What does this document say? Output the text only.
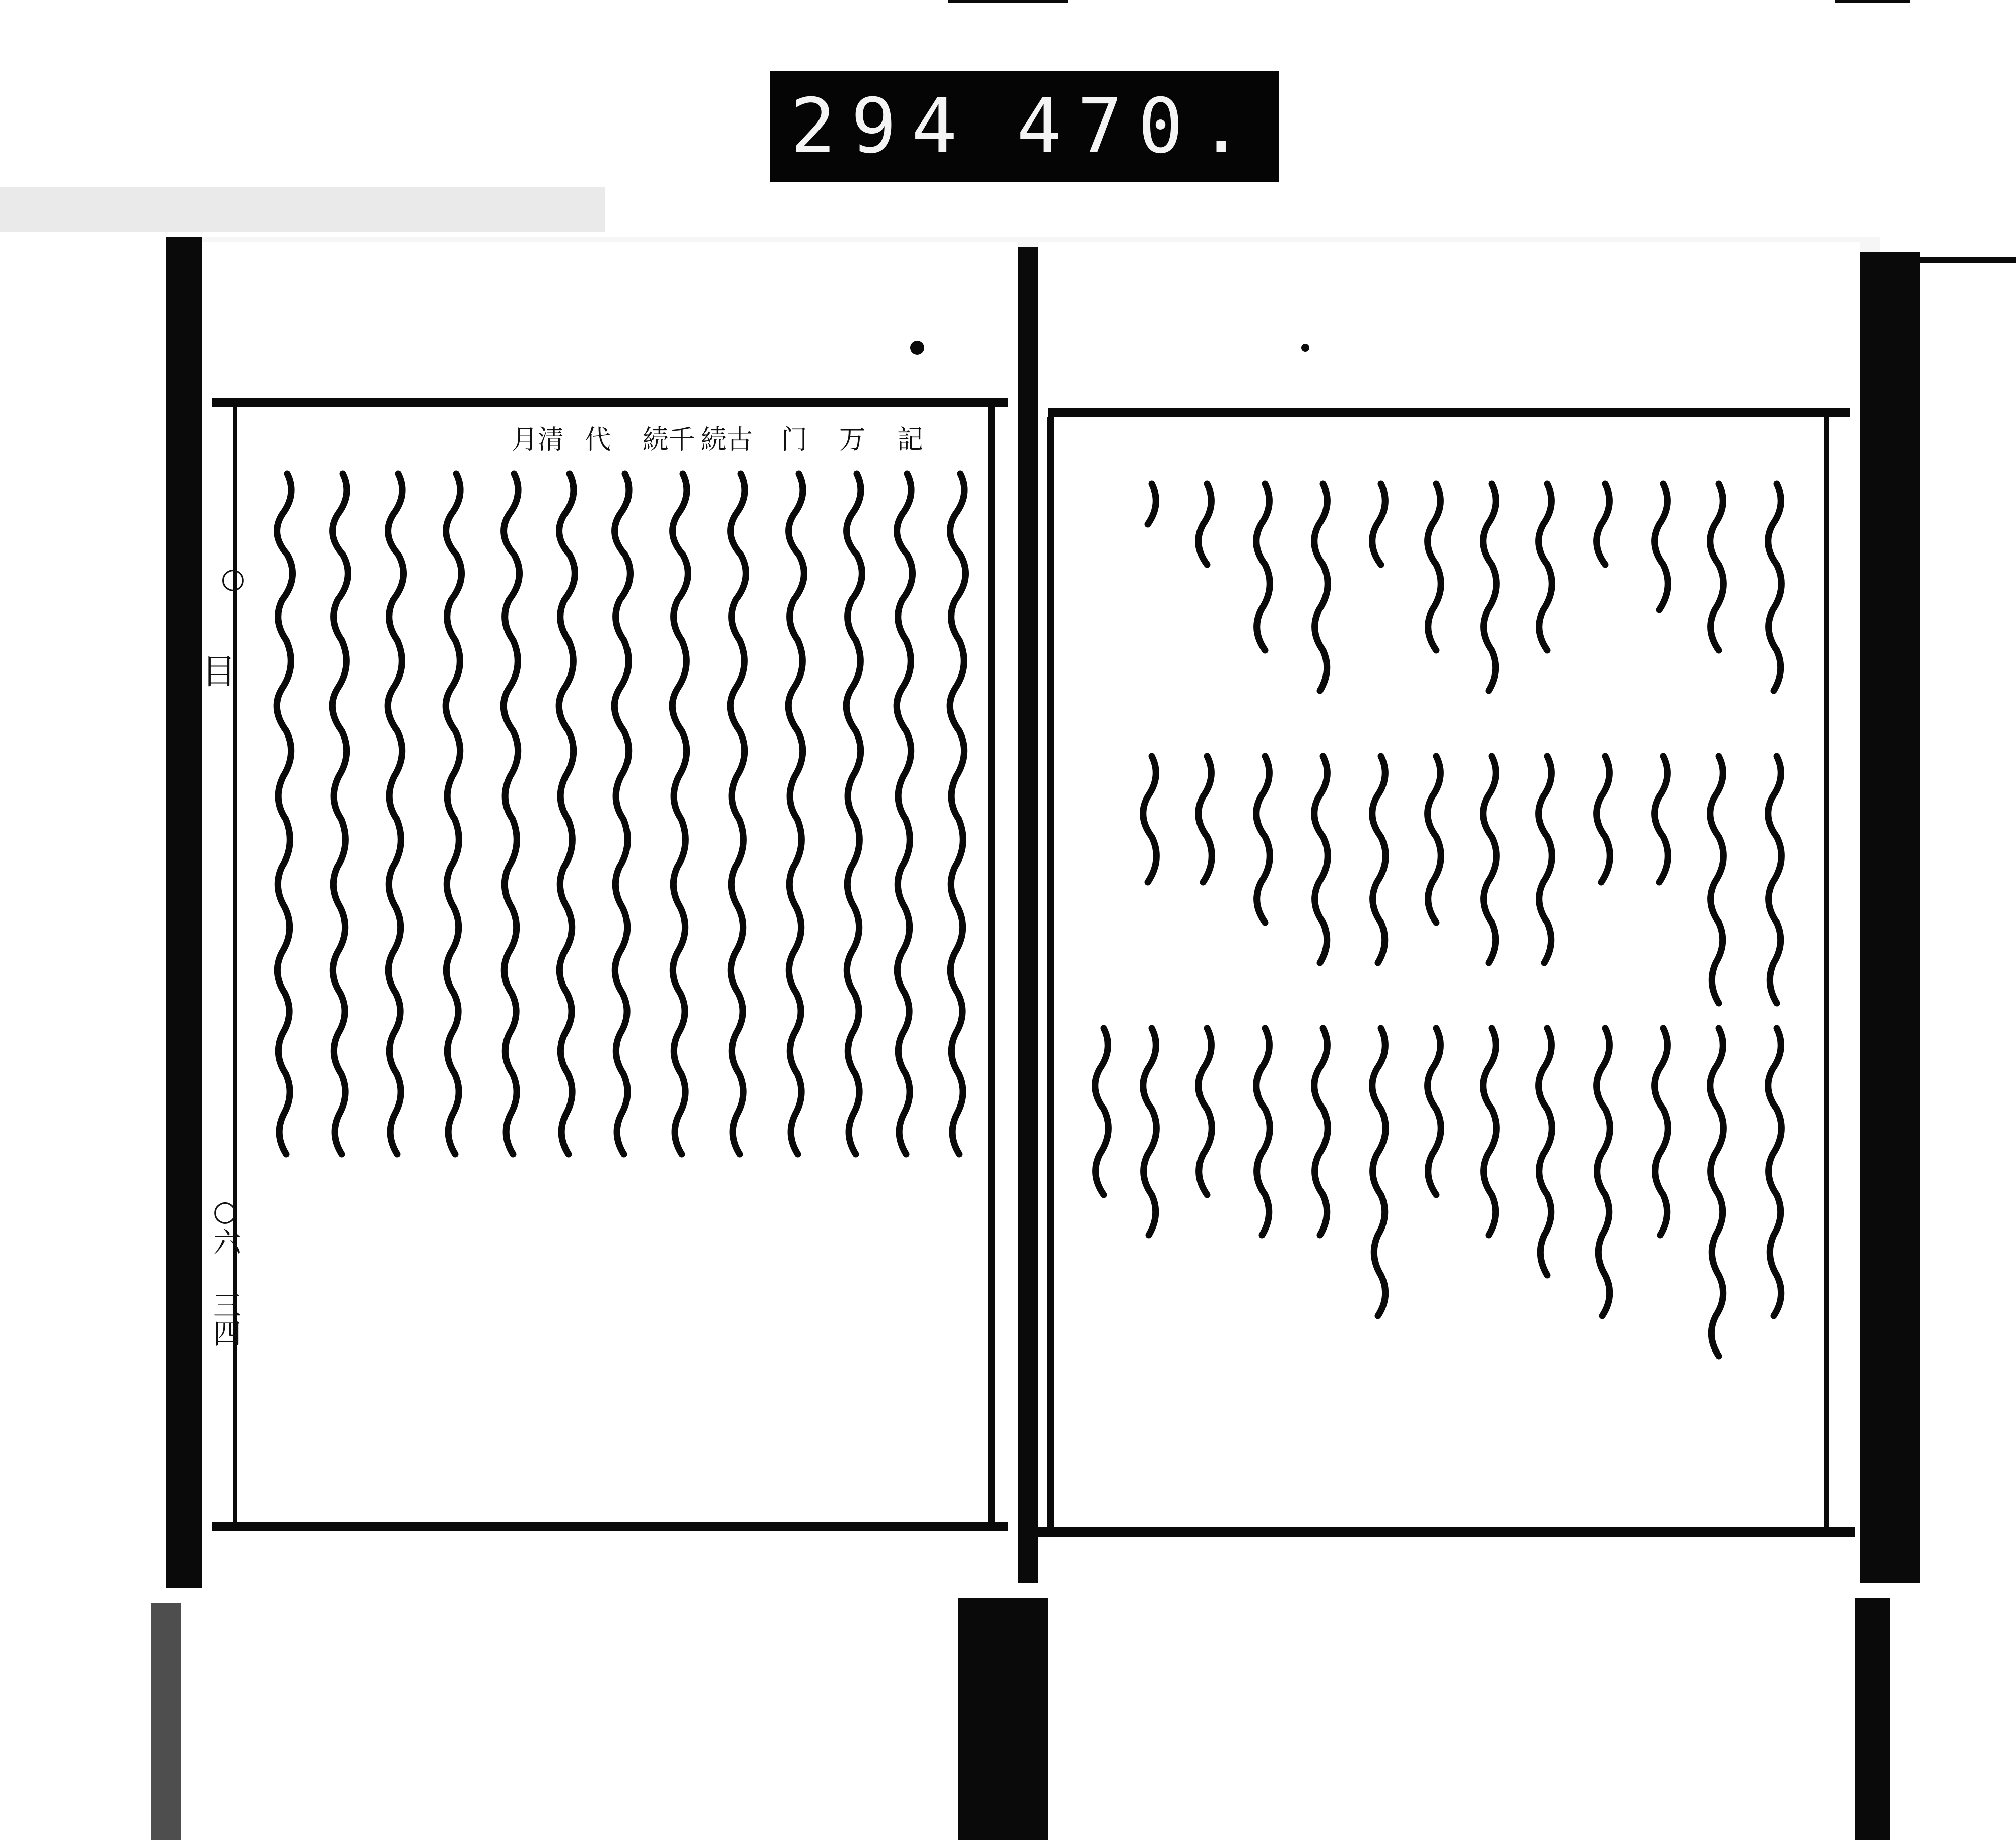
記
万
门
続古
続千
代
月清
○
目
○六
三四
294 470.
